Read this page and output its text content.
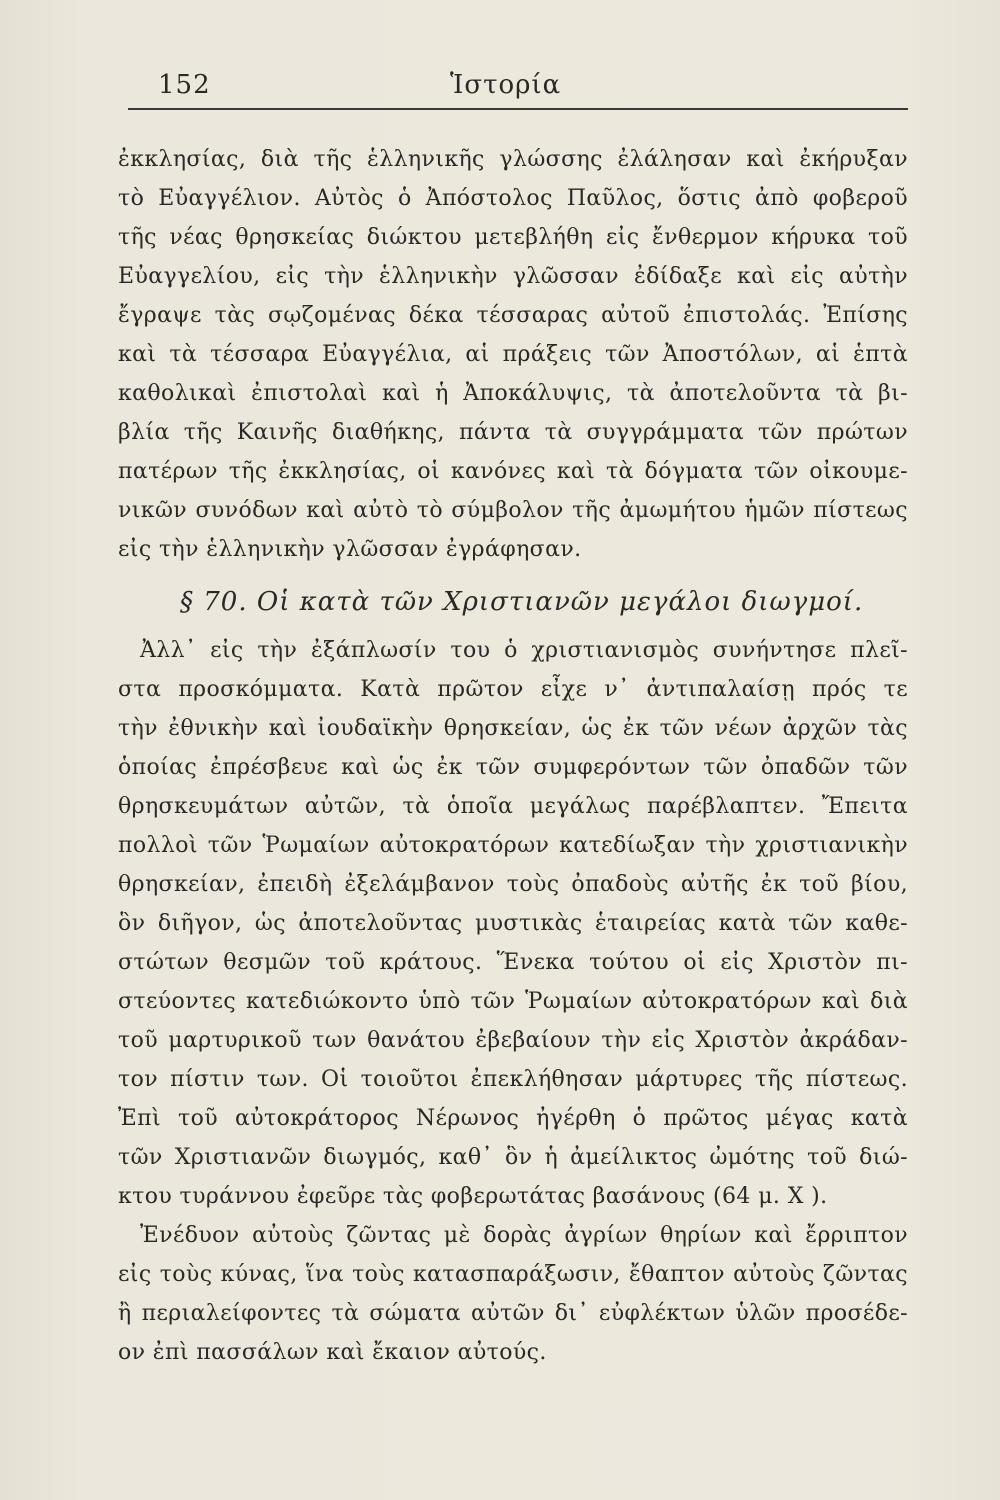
152	Ἱστορία
ἐκκλησίας, διὰ τῆς ἑλληνικῆς γλώσσης ἐλάλησαν καὶ ἐκήρυξαν
τὸ Εὐαγγέλιον. Αὐτὸς ὁ Ἀπόστολος Παῦλος, ὅστις ἀπὸ φοβεροῦ
τῆς νέας θρησκείας διώκτου μετεβλήθη εἰς ἔνθερμον κήρυκα τοῦ
Εὐαγγελίου, εἰς τὴν ἑλληνικὴν γλῶσσαν ἐδίδαξε καὶ εἰς αὐτὴν
ἔγραψε τὰς σῳζομένας δέκα τέσσαρας αὐτοῦ ἐπιστολάς. Ἐπίσης
καὶ τὰ τέσσαρα Εὐαγγέλια, αἱ πράξεις τῶν Ἀποστόλων, αἱ ἑπτὰ
καθολικαὶ ἐπιστολαὶ καὶ ἡ Ἀποκάλυψις, τὰ ἀποτελοῦντα τὰ βι-
βλία τῆς Καινῆς διαθήκης, πάντα τὰ συγγράμματα τῶν πρώτων
πατέρων τῆς ἐκκλησίας, οἱ κανόνες καὶ τὰ δόγματα τῶν οἰκουμε-
νικῶν συνόδων καὶ αὐτὸ τὸ σύμβολον τῆς ἀμωμήτου ἡμῶν πίστεως
εἰς τὴν ἑλληνικὴν γλῶσσαν ἐγράφησαν.
§ 70. Οἱ κατὰ τῶν Χριστιανῶν μεγάλοι διωγμοί.
Ἀλλ᾿ εἰς τὴν ἐξάπλωσίν του ὁ χριστιανισμὸς συνήντησε πλεῖ-
στα προσκόμματα. Κατὰ πρῶτον εἶχε ν᾿ ἀντιπαλαίσῃ πρός τε
τὴν ἐθνικὴν καὶ ἰουδαϊκὴν θρησκείαν, ὡς ἐκ τῶν νέων ἀρχῶν τὰς
ὁποίας ἐπρέσβευε καὶ ὡς ἐκ τῶν συμφερόντων τῶν ὀπαδῶν τῶν
θρησκευμάτων αὐτῶν, τὰ ὁποῖα μεγάλως παρέβλαπτεν. Ἔπειτα
πολλοὶ τῶν Ῥωμαίων αὐτοκρατόρων κατεδίωξαν τὴν χριστιανικὴν
θρησκείαν, ἐπειδὴ ἐξελάμβανον τοὺς ὀπαδοὺς αὐτῆς ἐκ τοῦ βίου,
ὃν διῆγον, ὡς ἀποτελοῦντας μυστικὰς ἑταιρείας κατὰ τῶν καθε-
στώτων θεσμῶν τοῦ κράτους. Ἕνεκα τούτου οἱ εἰς Χριστὸν πι-
στεύοντες κατεδιώκοντο ὑπὸ τῶν Ῥωμαίων αὐτοκρατόρων καὶ διὰ
τοῦ μαρτυρικοῦ των θανάτου ἐβεβαίουν τὴν εἰς Χριστὸν ἀκράδαν-
τον πίστιν των. Οἱ τοιοῦτοι ἐπεκλήθησαν μάρτυρες τῆς πίστεως.
Ἐπὶ τοῦ αὐτοκράτορος Νέρωνος ἠγέρθη ὁ πρῶτος μέγας κατὰ
τῶν Χριστιανῶν διωγμός, καθ᾿ ὃν ἡ ἀμείλικτος ὠμότης τοῦ διώ-
κτου τυράννου ἐφεῦρε τὰς φοβερωτάτας βασάνους (64 μ. Χ ).
Ἐνέδυον αὐτοὺς ζῶντας μὲ δορὰς ἀγρίων θηρίων καὶ ἔρριπτον
εἰς τοὺς κύνας, ἵνα τοὺς κατασπαράξωσιν, ἔθαπτον αὐτοὺς ζῶντας
ἢ περιαλείφοντες τὰ σώματα αὐτῶν δι᾿ εὐφλέκτων ὑλῶν προσέδε-
ον ἐπὶ πασσάλων καὶ ἔκαιον αὐτούς.
